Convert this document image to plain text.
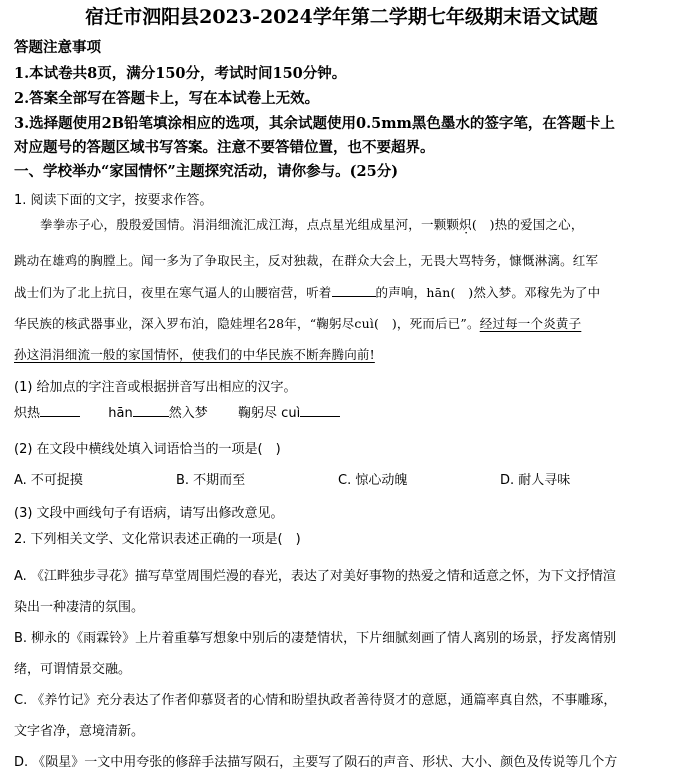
宿迁市泗阳县2023-2024学年第二学期七年级期末语文试题
答题注意事项
1.本试卷共8页，满分150分，考试时间150分钟。
2.答案全部写在答题卡上，写在本试卷上无效。
3.选择题使用2B铅笔填涂相应的选项，其余试题使用0.5mm黑色墨水的签字笔，在答题卡上
对应题号的答题区域书写答案。注意不要答错位置，也不要超界。
一、学校举办“家国情怀”主题探究活动，请你参与。(25分)
1. 阅读下面的文字，按要求作答。
拳拳赤子心，殷殷爱国情。涓涓细流汇成江海，点点星光组成星河，一颗颗炽(　)热的爱国之心，
跳动在雄鸡的胸膛上。闻一多为了争取民主，反对独裁，在群众大会上，无畏大骂特务，慷慨淋漓。红军
战士们为了北上抗日，夜里在寒气逼人的山腰宿营，听着	的声响，hān(　)然入梦。邓稼先为了中
华民族的核武器事业，深入罗布泊，隐娃埋名28年，“鞠躬尽cuì(　)，死而后已”。经过每一个炎黄子
孙这涓涓细流一般的家国情怀，使我们的中华民族不断奔腾向前!
(1) 给加点的字注音或根据拼音写出相应的汉字。
炽热	hān	然入梦 鞠躬尽 cuì
(2) 在文段中横线处填入词语恰当的一项是(　)
A. 不可捉摸	B. 不期而至	C. 惊心动魄	D. 耐人寻味
(3) 文段中画线句子有语病，请写出修改意见。
2. 下列相关文学、文化常识表述正确的一项是(　)
A. 《江畔独步寻花》描写草堂周围烂漫的春光，表达了对美好事物的热爱之情和适意之怀，为下文抒情渲
染出一种凄清的氛围。
B. 柳永的《雨霖铃》上片着重摹写想象中别后的凄楚情状，下片细腻刻画了情人离别的场景，抒发离情别
绪，可谓情景交融。
C. 《养竹记》充分表达了作者仰慕贤者的心情和盼望执政者善待贤才的意愿，通篇率真自然，不事雕琢，
文字省净，意境清新。
D. 《陨星》一文中用夸张的修辞手法描写陨石，主要写了陨石的声音、形状、大小、颜色及传说等几个方
